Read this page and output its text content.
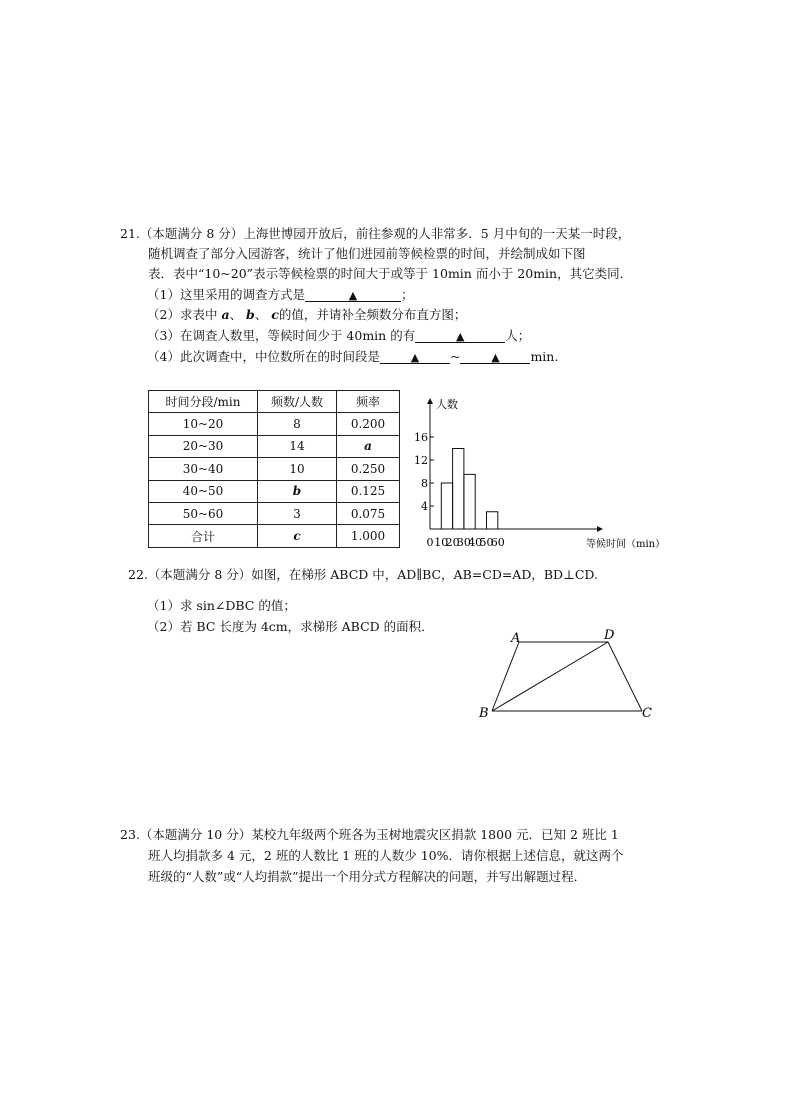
21.（本题满分 8 分）上海世博园开放后，前往参观的人非常多．5 月中旬的一天某一时段，
随机调查了部分入园游客，统计了他们进园前等候检票的时间，并绘制成如下图
表．表中“10~20”表示等候检票的时间大于或等于 10min 而小于 20min，其它类同．
（1）这里采用的调查方式是	▲	；
（2）求表中 a、 b、 c的值，并请补全频数分布直方图；
（3）在调查人数里，等候时间少于 40min 的有	▲	人；
（4）此次调查中，中位数所在的时间段是	▲ ~	▲ min.
时间分段/min	频数/人数	频率
10~20	8	0.200
20~30	14	a
30~40	10	0.250
40~50	b	0.125
50~60	3	0.075
合计	c	1.000
人数
等候时间（min）
0 10
20
30
40
50
60
4
8
12
16
22.（本题满分 8 分）如图，在梯形 ABCD 中，AD∥BC，AB=CD=AD，BD⊥CD.
（1）求 sin∠DBC 的值；
（2）若 BC 长度为 4cm，求梯形 ABCD 的面积．
A	D
B	C
23.（本题满分 10 分）某校九年级两个班各为玉树地震灾区捐款 1800 元．已知 2 班比 1
班人均捐款多 4 元，2 班的人数比 1 班的人数少 10%．请你根据上述信息，就这两个
班级的“人数”或“人均捐款”提出一个用分式方程解决的问题，并写出解题过程．
